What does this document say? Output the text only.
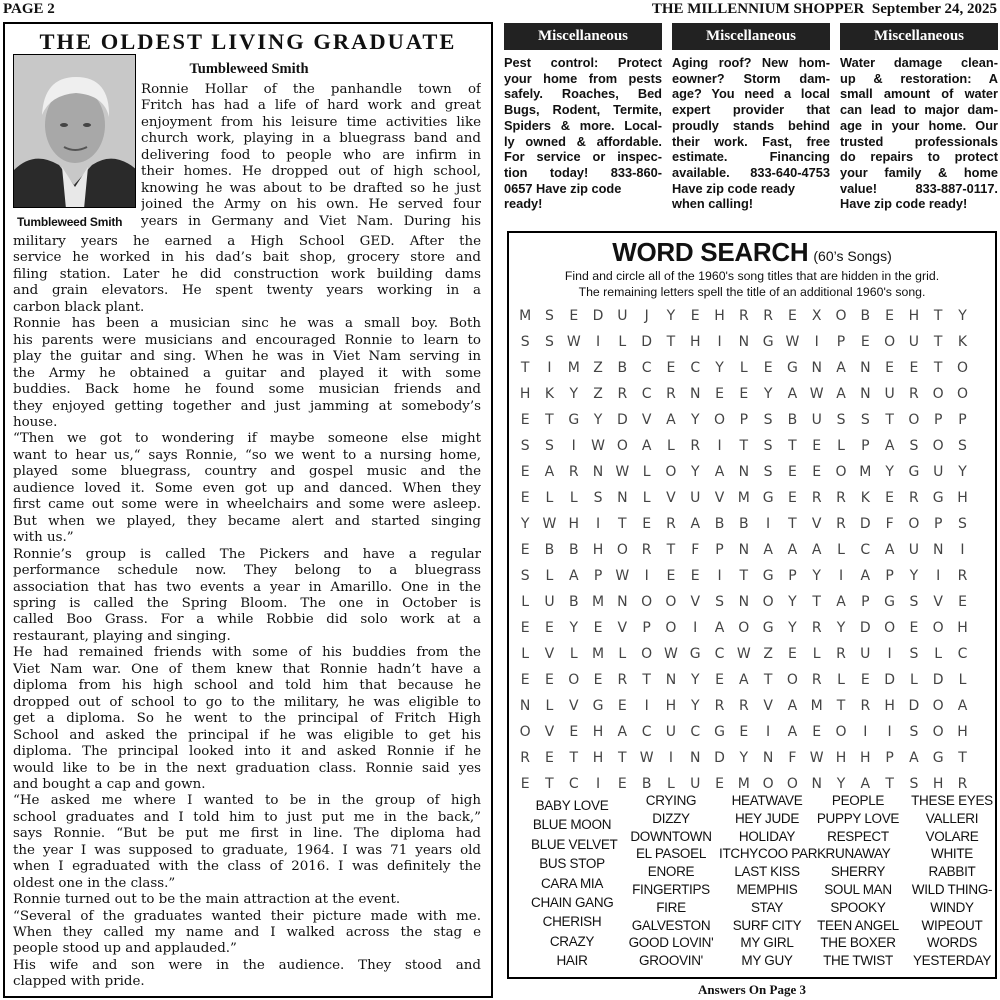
PAGE 2	THE MILLENNIUM SHOPPER September 24, 2025
THE OLDEST LIVING GRADUATE
Tumbleweed Smith
Tumbleweed Smith
Ronnie Hollar of the panhandle town of
Fritch has had a life of hard work and great
enjoyment from his leisure time activities like
church work, playing in a bluegrass band and
delivering food to people who are infirm in
their homes. He dropped out of high school,
knowing he was about to be drafted so he just
joined the Army on his own. He served four
years in Germany and Viet Nam. During his
military years he earned a High School GED. After the
service he worked in his dad’s bait shop, grocery store and
filing station. Later he did construction work building dams
and grain elevators. He spent twenty years working in a
carbon black plant.
Ronnie has been a musician sinc he was a small boy. Both
his parents were musicians and encouraged Ronnie to learn to
play the guitar and sing. When he was in Viet Nam serving in
the Army he obtained a guitar and played it with some
buddies. Back home he found some musician friends and
they enjoyed getting together and just jamming at somebody’s
house.
“Then we got to wondering if maybe someone else might
want to hear us,“ says Ronnie, “so we went to a nursing home,
played some bluegrass, country and gospel music and the
audience loved it. Some even got up and danced. When they
first came out some were in wheelchairs and some were asleep.
But when we played, they became alert and started singing
with us.”
Ronnie’s group is called The Pickers and have a regular
performance schedule now. They belong to a bluegrass
association that has two events a year in Amarillo. One in the
spring is called the Spring Bloom. The one in October is
called Boo Grass. For a while Robbie did solo work at a
restaurant, playing and singing.
He had remained friends with some of his buddies from the
Viet Nam war. One of them knew that Ronnie hadn’t have a
diploma from his high school and told him that because he
dropped out of school to go to the military, he was eligible to
get a diploma. So he went to the principal of Fritch High
School and asked the principal if he was eligible to get his
diploma. The principal looked into it and asked Ronnie if he
would like to be in the next graduation class. Ronnie said yes
and bought a cap and gown.
“He asked me where I wanted to be in the group of high
school graduates and I told him to just put me in the back,”
says Ronnie. “But be put me first in line. The diploma had
the year I was supposed to graduate, 1964. I was 71 years old
when I egraduated with the class of 2016. I was definitely the
oldest one in the class.”
Ronnie turned out to be the main attraction at the event.
“Several of the graduates wanted their picture made with me.
When they called my name and I walked across the stag e
people stood up and applauded.”
His wife and son were in the audience. They stood and
clapped with pride.
Miscellaneous
Pest control: Protect
your home from pests
safely. Roaches, Bed
Bugs, Rodent, Termite,
Spiders & more. Local-
ly owned & affordable.
For service or inspec-
tion today! 833-860-
0657 Have zip code
ready!
Miscellaneous
Aging roof? New hom-
eowner? Storm dam-
age? You need a local
expert provider that
proudly stands behind
their work. Fast, free
estimate. Financing
available. 833-640-4753
Have zip code ready
when calling!
Miscellaneous
Water damage clean-
up & restoration: A
small amount of water
can lead to major dam-
age in your home. Our
trusted professionals
do repairs to protect
your family & home
value! 833-887-0117.
Have zip code ready!
WORD SEARCH (60’s Songs)
Find and circle all of the 1960's song titles that are hidden in the grid.
The remaining letters spell the title of an additional 1960's song.
M S	E	D U	J	Y	E	H	R	R	E	X O B	E	H	T	Y
S	S W	I	L	D	T	H	I	N G W	I	P	E	O U	T	K
T	I	M Z	B	C	E	C	Y	L	E	G N	A	N	E	E	T	O
H	K	Y	Z	R	C	R	N	E	E	Y	A W A	N U	R O O
E	T	G	Y	D	V	A	Y	O	P	S	B	U	S	S	T	O	P	P
S	S	I	W O	A	L	R	I	T	S	T	E	L	P	A	S	O	S
E	A	R	N W L	O	Y	A	N	S	E	E	O M Y	G U	Y
E	L	L	S	N	L	V	U	V M G	E	R	R	K	E	R	G H
Y W H	I	T	E	R	A	B	B	I	T	V	R	D	F	O	P	S
E	B	B	H O R	T	F	P	N	A	A	A	L	C	A	U N	I
S	L	A	P W	I	E	E	I	T	G	P	Y	I	A	P	Y	I	R
L	U	B M N O O	V	S	N O	Y	T	A	P	G	S	V	E
E	E	Y	E	V	P	O	I	A O G	Y	R	Y	D O	E	O H
L	V	L	M	L	O W G C W Z	E	L	R	U	I	S	L	C
E	E	O	E	R	T	N	Y	E	A	T	O R	L	E	D	L	D	L
N	L	V	G	E	I	H	Y	R	R	V	A M T	R	H D O	A
O	V	E	H	A	C	U	C G	E	I	A	E	O	I	I	S	O H
R	E	T	H	T W	I	N D	Y	N	F W H H	P	A	G	T
E	T	C	I	E	B	L	U	E M O O N	Y	A	T	S	H	R
BABY LOVE
BLUE MOON
BLUE VELVET
BUS STOP
CARA MIA
CHAIN GANG
CHERISH
CRAZY
HAIR
CRYING
DIZZY
DOWNTOWN
EL PASOEL
ENORE
FINGERTIPS
FIRE
GALVESTON
GOOD LOVIN'
GROOVIN'
HEATWAVE
HEY JUDE
HOLIDAY
ITCHYCOO PARK
LAST KISS
MEMPHIS
STAY
SURF CITY
MY GIRL
MY GUY
PEOPLE
PUPPY LOVE
RESPECT
RUNAWAY
SHERRY
SOUL MAN
SPOOKY
TEEN ANGEL
THE BOXER
THE TWIST
THESE EYES
VALLERI
VOLARE
WHITE
RABBIT
WILD THING-
WINDY
WIPEOUT
WORDS
YESTERDAY
Answers On Page 3
